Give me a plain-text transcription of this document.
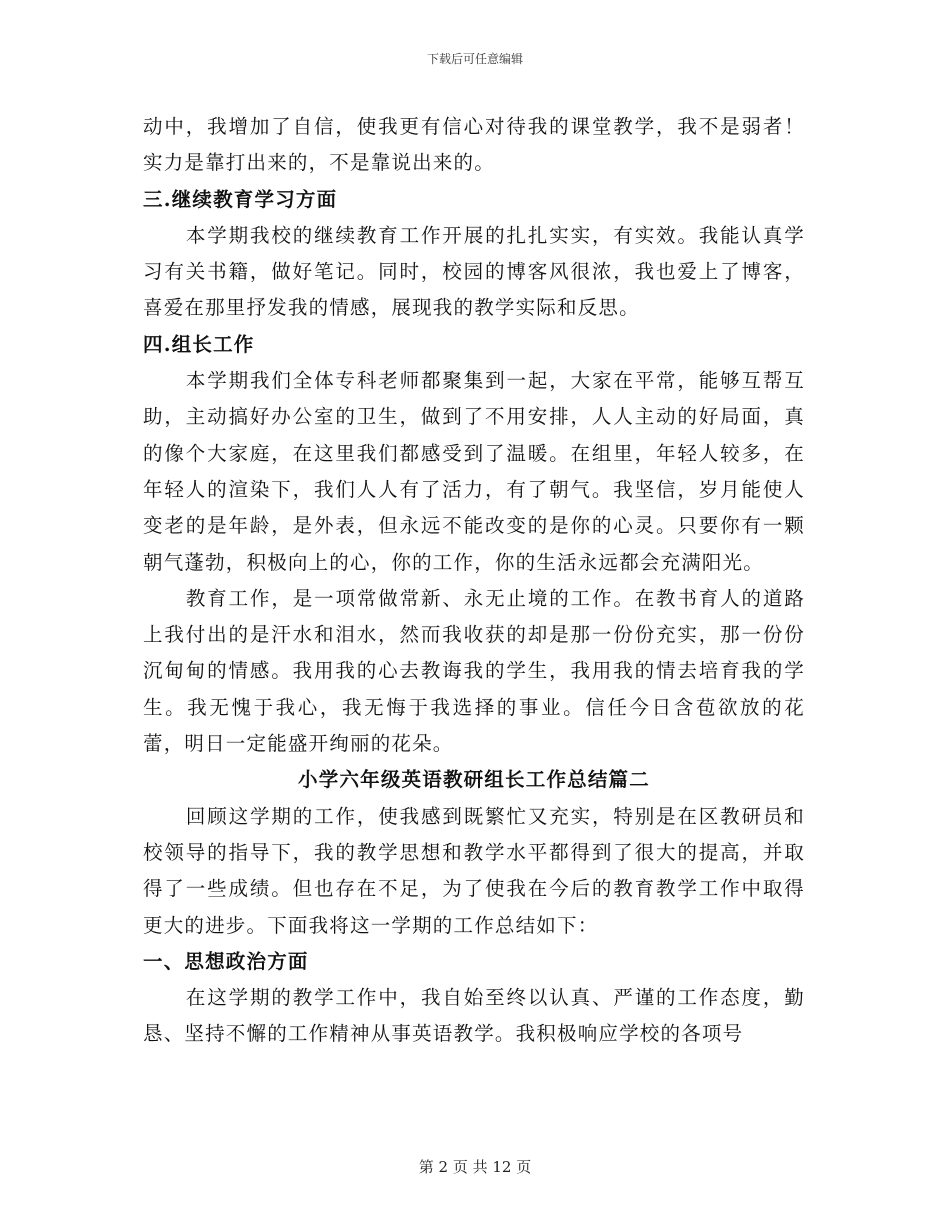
下载后可任意编辑

动中，我增加了自信，使我更有信心对待我的课堂教学，我不是弱者！实力是靠打出来的，不是靠说出来的。

三.继续教育学习方面

本学期我校的继续教育工作开展的扎扎实实，有实效。我能认真学习有关书籍，做好笔记。同时，校园的博客风很浓，我也爱上了博客，喜爱在那里抒发我的情感，展现我的教学实际和反思。

四.组长工作

本学期我们全体专科老师都聚集到一起，大家在平常，能够互帮互助，主动搞好办公室的卫生，做到了不用安排，人人主动的好局面，真的像个大家庭，在这里我们都感受到了温暖。在组里，年轻人较多，在年轻人的渲染下，我们人人有了活力，有了朝气。我坚信，岁月能使人变老的是年龄，是外表，但永远不能改变的是你的心灵。只要你有一颗朝气蓬勃，积极向上的心，你的工作，你的生活永远都会充满阳光。

教育工作，是一项常做常新、永无止境的工作。在教书育人的道路上我付出的是汗水和泪水，然而我收获的却是那一份份充实，那一份份沉甸甸的情感。我用我的心去教诲我的学生，我用我的情去培育我的学生。我无愧于我心，我无悔于我选择的事业。信任今日含苞欲放的花蕾，明日一定能盛开绚丽的花朵。

小学六年级英语教研组长工作总结篇二

回顾这学期的工作，使我感到既繁忙又充实，特别是在区教研员和校领导的指导下，我的教学思想和教学水平都得到了很大的提高，并取得了一些成绩。但也存在不足，为了使我在今后的教育教学工作中取得更大的进步。下面我将这一学期的工作总结如下：

一、思想政治方面

在这学期的教学工作中，我自始至终以认真、严谨的工作态度，勤恳、坚持不懈的工作精神从事英语教学。我积极响应学校的各项号

第 2 页 共 12 页
